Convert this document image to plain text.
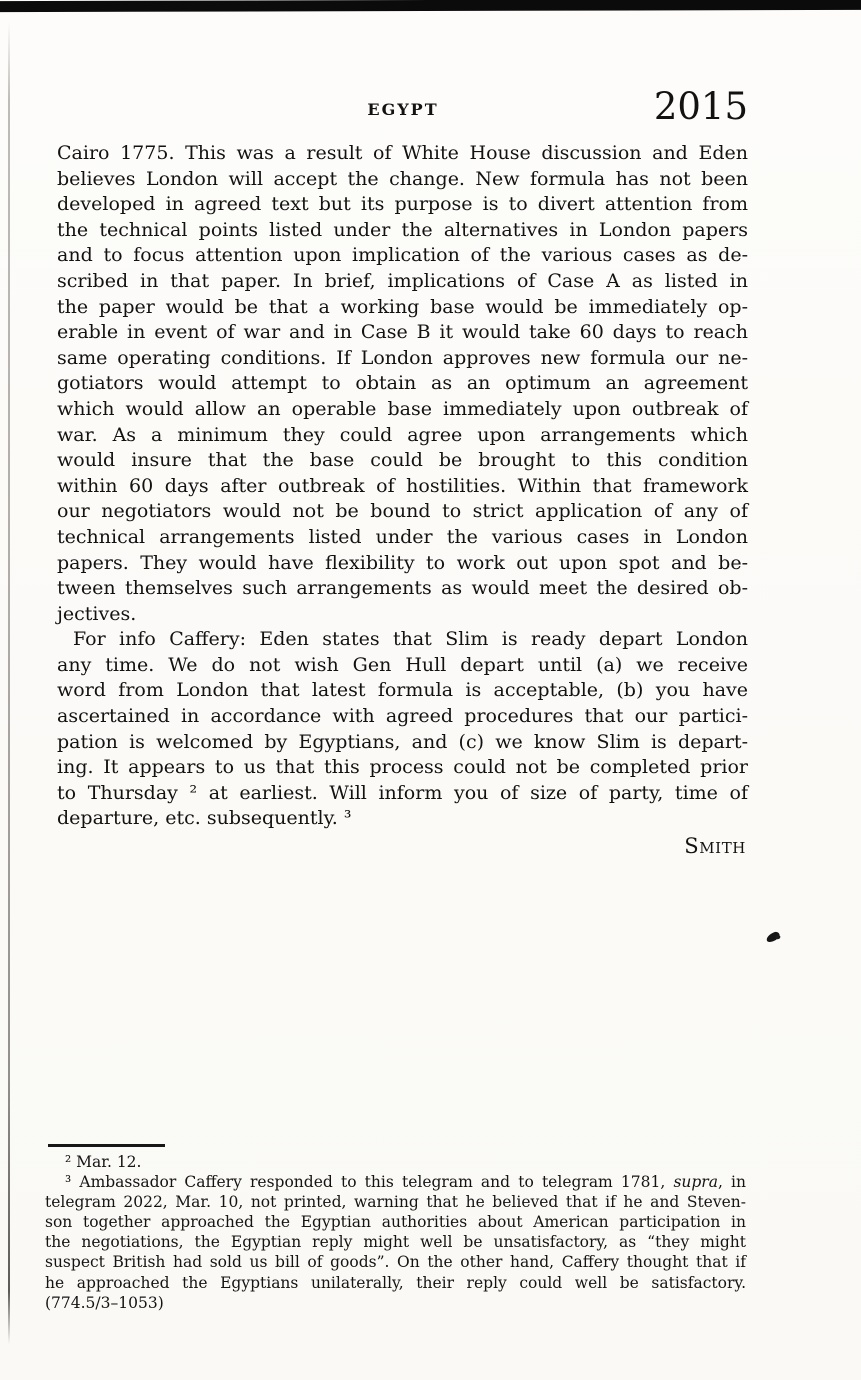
EGYPT	2015
Cairo 1775. This was a result of White House discussion and Eden
believes London will accept the change. New formula has not been
developed in agreed text but its purpose is to divert attention from
the technical points listed under the alternatives in London papers
and to focus attention upon implication of the various cases as de-
scribed in that paper. In brief, implications of Case A as listed in
the paper would be that a working base would be immediately op-
erable in event of war and in Case B it would take 60 days to reach
same operating conditions. If London approves new formula our ne-
gotiators would attempt to obtain as an optimum an agreement
which would allow an operable base immediately upon outbreak of
war. As a minimum they could agree upon arrangements which
would insure that the base could be brought to this condition
within 60 days after outbreak of hostilities. Within that framework
our negotiators would not be bound to strict application of any of
technical arrangements listed under the various cases in London
papers. They would have flexibility to work out upon spot and be-
tween themselves such arrangements as would meet the desired ob-
jectives.
For info Caffery: Eden states that Slim is ready depart London
any time. We do not wish Gen Hull depart until (a) we receive
word from London that latest formula is acceptable, (b) you have
ascertained in accordance with agreed procedures that our partici-
pation is welcomed by Egyptians, and (c) we know Slim is depart-
ing. It appears to us that this process could not be completed prior
to Thursday ² at earliest. Will inform you of size of party, time of
departure, etc. subsequently. ³
Smith
² Mar. 12.
³ Ambassador Caffery responded to this telegram and to telegram 1781, supra, in
telegram 2022, Mar. 10, not printed, warning that he believed that if he and Steven-
son together approached the Egyptian authorities about American participation in
the negotiations, the Egyptian reply might well be unsatisfactory, as “they might
suspect British had sold us bill of goods”. On the other hand, Caffery thought that if
he approached the Egyptians unilaterally, their reply could well be satisfactory.
(774.5/3–1053)
